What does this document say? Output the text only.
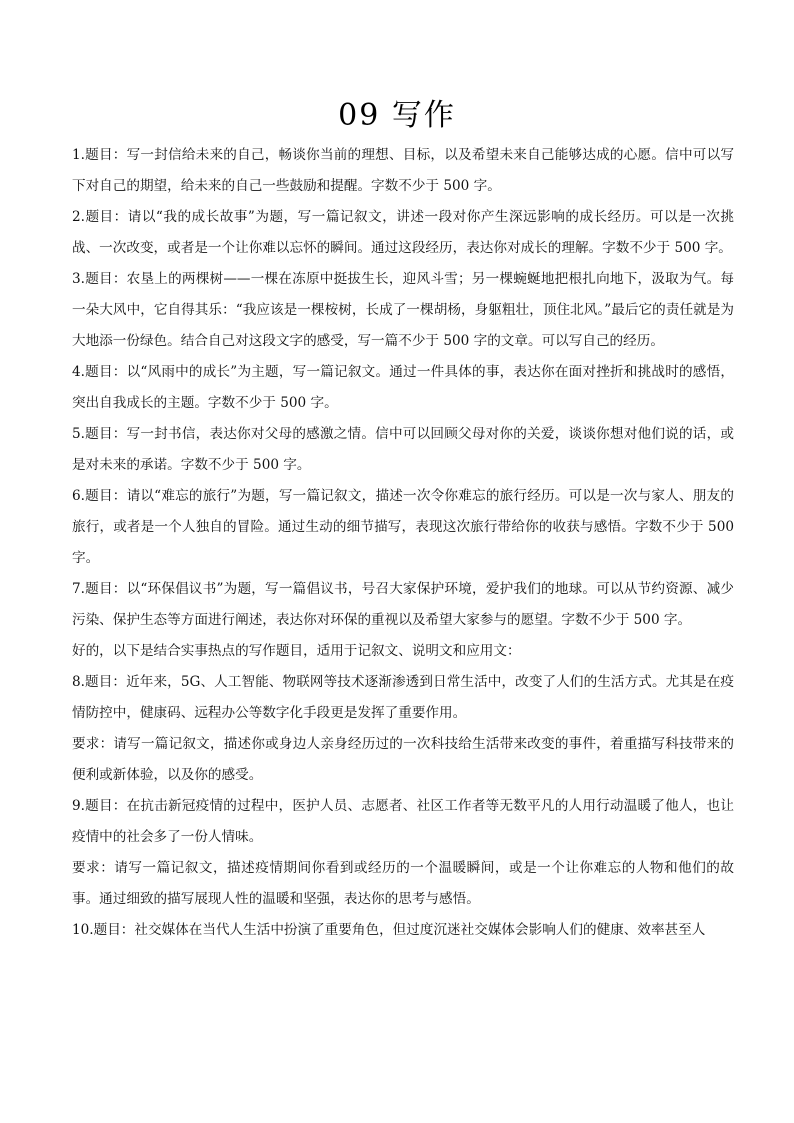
09 写作

1.题目：写一封信给未来的自己，畅谈你当前的理想、目标，以及希望未来自己能够达成的心愿。信中可以写下对自己的期望，给未来的自己一些鼓励和提醒。字数不少于 500 字。

2.题目：请以“我的成长故事”为题，写一篇记叙文，讲述一段对你产生深远影响的成长经历。可以是一次挑战、一次改变，或者是一个让你难以忘怀的瞬间。通过这段经历，表达你对成长的理解。字数不少于 500 字。

3.题目：农垦上的两棵树——一棵在冻原中挺拔生长，迎风斗雪；另一棵蜿蜒地把根扎向地下，汲取为气。每一朵大风中，它自得其乐：“我应该是一棵桉树，长成了一棵胡杨，身躯粗壮，顶住北风。”最后它的责任就是为大地添一份绿色。结合自己对这段文字的感受，写一篇不少于 500 字的文章。可以写自己的经历。

4.题目：以“风雨中的成长”为主题，写一篇记叙文。通过一件具体的事，表达你在面对挫折和挑战时的感悟，突出自我成长的主题。字数不少于 500 字。

5.题目：写一封书信，表达你对父母的感激之情。信中可以回顾父母对你的关爱，谈谈你想对他们说的话，或是对未来的承诺。字数不少于 500 字。

6.题目：请以“难忘的旅行”为题，写一篇记叙文，描述一次令你难忘的旅行经历。可以是一次与家人、朋友的旅行，或者是一个人独自的冒险。通过生动的细节描写，表现这次旅行带给你的收获与感悟。字数不少于 500 字。

7.题目：以“环保倡议书”为题，写一篇倡议书，号召大家保护环境，爱护我们的地球。可以从节约资源、减少污染、保护生态等方面进行阐述，表达你对环保的重视以及希望大家参与的愿望。字数不少于 500 字。

好的，以下是结合实事热点的写作题目，适用于记叙文、说明文和应用文：

8.题目：近年来，5G、人工智能、物联网等技术逐渐渗透到日常生活中，改变了人们的生活方式。尤其是在疫情防控中，健康码、远程办公等数字化手段更是发挥了重要作用。

要求：请写一篇记叙文，描述你或身边人亲身经历过的一次科技给生活带来改变的事件，着重描写科技带来的便利或新体验，以及你的感受。

9.题目：在抗击新冠疫情的过程中，医护人员、志愿者、社区工作者等无数平凡的人用行动温暖了他人，也让疫情中的社会多了一份人情味。

要求：请写一篇记叙文，描述疫情期间你看到或经历的一个温暖瞬间，或是一个让你难忘的人物和他们的故事。通过细致的描写展现人性的温暖和坚强，表达你的思考与感悟。

10.题目：社交媒体在当代人生活中扮演了重要角色，但过度沉迷社交媒体会影响人们的健康、效率甚至人
